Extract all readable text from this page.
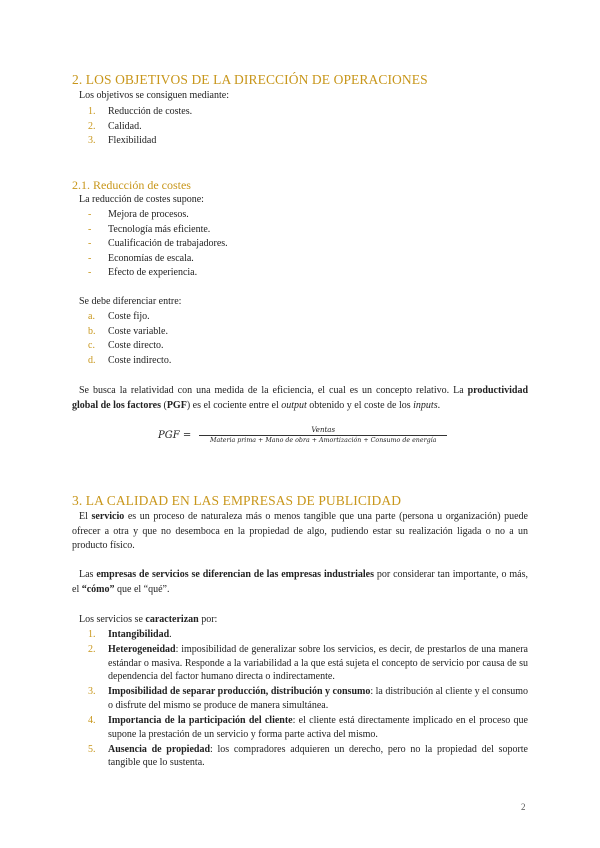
2. LOS OBJETIVOS DE LA DIRECCIÓN DE OPERACIONES
Los objetivos se consiguen mediante:
1. Reducción de costes.
2. Calidad.
3. Flexibilidad
2.1. Reducción de costes
La reducción de costes supone:
- Mejora de procesos.
- Tecnología más eficiente.
- Cualificación de trabajadores.
- Economías de escala.
- Efecto de experiencia.
Se debe diferenciar entre:
a. Coste fijo.
b. Coste variable.
c. Coste directo.
d. Coste indirecto.
Se busca la relatividad con una medida de la eficiencia, el cual es un concepto relativo. La productividad global de los factores (PGF) es el cociente entre el output obtenido y el coste de los inputs.
PGF =	Ventas
Materia prima + Mano de obra + Amortización + Consumo de energía
3. LA CALIDAD EN LAS EMPRESAS DE PUBLICIDAD
El servicio es un proceso de naturaleza más o menos tangible que una parte (persona u organización) puede ofrecer a otra y que no desemboca en la propiedad de algo, pudiendo estar su realización ligada o no a un producto físico.
Las empresas de servicios se diferencian de las empresas industriales por considerar tan importante, o más, el “cómo” que el “qué”.
Los servicios se caracterizan por:
1. Intangibilidad.
2. Heterogeneidad: imposibilidad de generalizar sobre los servicios, es decir, de prestarlos de una manera estándar o masiva. Responde a la variabilidad a la que está sujeta el concepto de servicio por causa de su dependencia del factor humano directa o indirectamente.
3. Imposibilidad de separar producción, distribución y consumo: la distribución al cliente y el consumo o disfrute del mismo se produce de manera simultánea.
4. Importancia de la participación del cliente: el cliente está directamente implicado en el proceso que supone la prestación de un servicio y forma parte activa del mismo.
5. Ausencia de propiedad: los compradores adquieren un derecho, pero no la propiedad del soporte tangible que lo sustenta.
2
